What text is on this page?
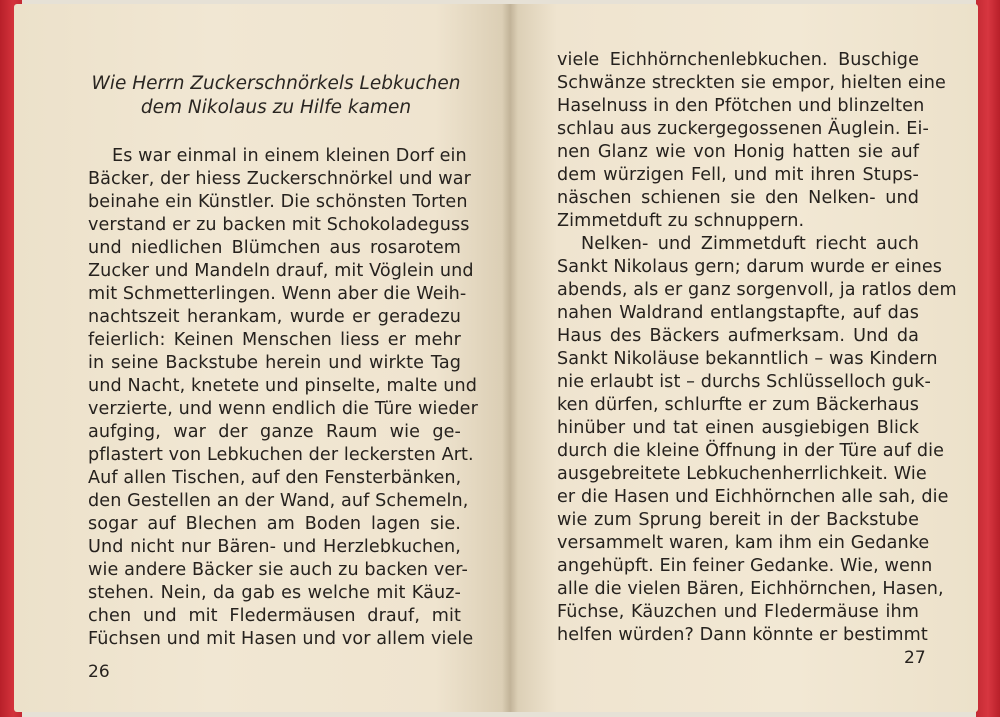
Wie Herrn Zuckerschnörkels Lebkuchen
dem Nikolaus zu Hilfe kamen
Es war einmal in einem kleinen Dorf ein
Bäcker, der hiess Zuckerschnörkel und war
beinahe ein Künstler. Die schönsten Torten
verstand er zu backen mit Schokoladeguss
und niedlichen Blümchen aus rosarotem
Zucker und Mandeln drauf, mit Vöglein und
mit Schmetterlingen. Wenn aber die Weih-
nachtszeit herankam, wurde er geradezu
feierlich: Keinen Menschen liess er mehr
in seine Backstube herein und wirkte Tag
und Nacht, knetete und pinselte, malte und
verzierte, und wenn endlich die Türe wieder
aufging, war der ganze Raum wie ge-
pflastert von Lebkuchen der leckersten Art.
Auf allen Tischen, auf den Fensterbänken,
den Gestellen an der Wand, auf Schemeln,
sogar auf Blechen am Boden lagen sie.
Und nicht nur Bären- und Herzlebkuchen,
wie andere Bäcker sie auch zu backen ver-
stehen. Nein, da gab es welche mit Käuz-
chen und mit Fledermäusen drauf, mit
Füchsen und mit Hasen und vor allem viele
26
viele Eichhörnchenlebkuchen. Buschige
Schwänze streckten sie empor, hielten eine
Haselnuss in den Pfötchen und blinzelten
schlau aus zuckergegossenen Äuglein. Ei-
nen Glanz wie von Honig hatten sie auf
dem würzigen Fell, und mit ihren Stups-
näschen schienen sie den Nelken- und
Zimmetduft zu schnuppern.
Nelken- und Zimmetduft riecht auch
Sankt Nikolaus gern; darum wurde er eines
abends, als er ganz sorgenvoll, ja ratlos dem
nahen Waldrand entlangstapfte, auf das
Haus des Bäckers aufmerksam. Und da
Sankt Nikoläuse bekanntlich – was Kindern
nie erlaubt ist – durchs Schlüsselloch guk-
ken dürfen, schlurfte er zum Bäckerhaus
hinüber und tat einen ausgiebigen Blick
durch die kleine Öffnung in der Türe auf die
ausgebreitete Lebkuchenherrlichkeit. Wie
er die Hasen und Eichhörnchen alle sah, die
wie zum Sprung bereit in der Backstube
versammelt waren, kam ihm ein Gedanke
angehüpft. Ein feiner Gedanke. Wie, wenn
alle die vielen Bären, Eichhörnchen, Hasen,
Füchse, Käuzchen und Fledermäuse ihm
helfen würden? Dann könnte er bestimmt
27
